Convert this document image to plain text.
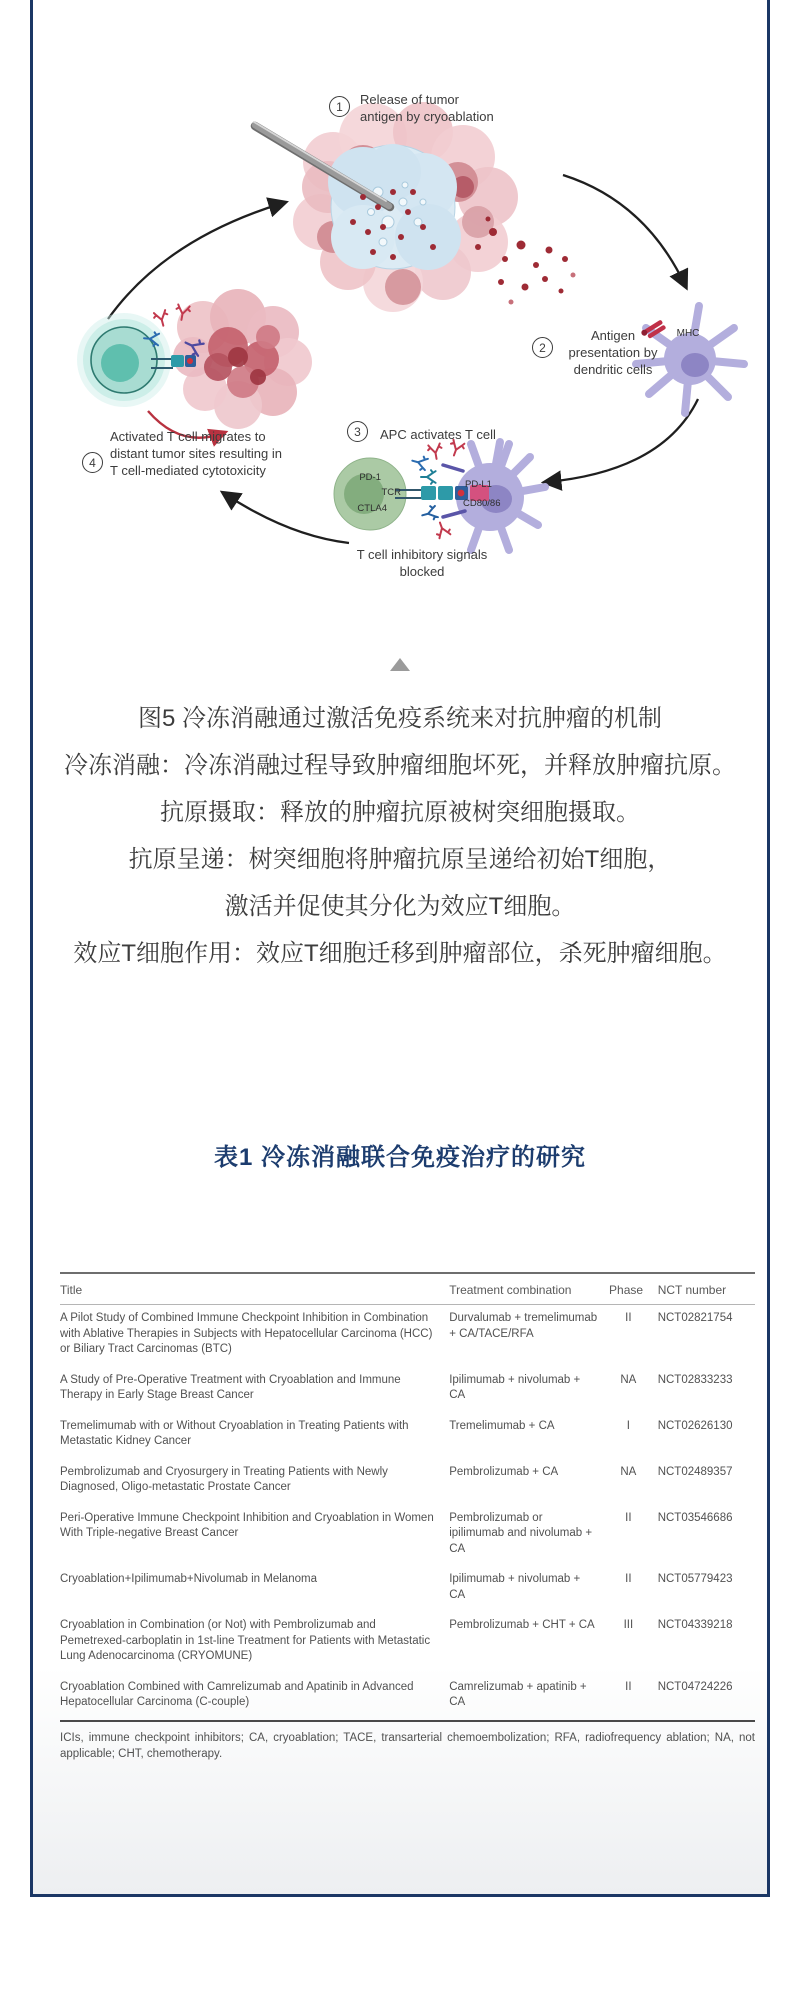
1	Release of tumor antigen by cryoablation
2
Antigen presentation by dendritic cells
3	APC activates T cell
4
Activated T cell migrates to distant tumor sites resulting in T cell-mediated cytotoxicity
MHC
PD-1
TCR
CTLA4
PD-L1
CD80/86
T cell inhibitory signals blocked
图5 冷冻消融通过激活免疫系统来对抗肿瘤的机制
冷冻消融：冷冻消融过程导致肿瘤细胞坏死，并释放肿瘤抗原。
抗原摄取：释放的肿瘤抗原被树突细胞摄取。
抗原呈递：树突细胞将肿瘤抗原呈递给初始T细胞，
激活并促使其分化为效应T细胞。
效应T细胞作用：效应T细胞迁移到肿瘤部位，杀死肿瘤细胞。
表1 冷冻消融联合免疫治疗的研究
Title	Treatment combination	Phase	NCT number
A Pilot Study of Combined Immune Checkpoint Inhibition in Combination with Ablative Therapies in Subjects with Hepatocellular Carcinoma (HCC) or Biliary Tract Carcinomas (BTC)	Durvalumab + tremelimumab + CA/TACE/RFA	II	NCT02821754
A Study of Pre-Operative Treatment with Cryoablation and Immune Therapy in Early Stage Breast Cancer	Ipilimumab + nivolumab + CA	NA	NCT02833233
Tremelimumab with or Without Cryoablation in Treating Patients with Metastatic Kidney Cancer	Tremelimumab + CA	I	NCT02626130
Pembrolizumab and Cryosurgery in Treating Patients with Newly Diagnosed, Oligo-metastatic Prostate Cancer	Pembrolizumab + CA	NA	NCT02489357
Peri-Operative Immune Checkpoint Inhibition and Cryoablation in Women With Triple-negative Breast Cancer	Pembrolizumab or ipilimumab and nivolumab + CA	II	NCT03546686
Cryoablation+Ipilimumab+Nivolumab in Melanoma	Ipilimumab + nivolumab + CA	II	NCT05779423
Cryoablation in Combination (or Not) with Pembrolizumab and Pemetrexed-carboplatin in 1st-line Treatment for Patients with Metastatic Lung Adenocarcinoma (CRYOMUNE)	Pembrolizumab + CHT + CA	III	NCT04339218
Cryoablation Combined with Camrelizumab and Apatinib in Advanced Hepatocellular Carcinoma (C-couple)	Camrelizumab + apatinib + CA	II	NCT04724226

ICIs, immune checkpoint inhibitors; CA, cryoablation; TACE, transarterial chemoembolization; RFA, radiofrequency ablation; NA, not applicable; CHT, chemotherapy.
